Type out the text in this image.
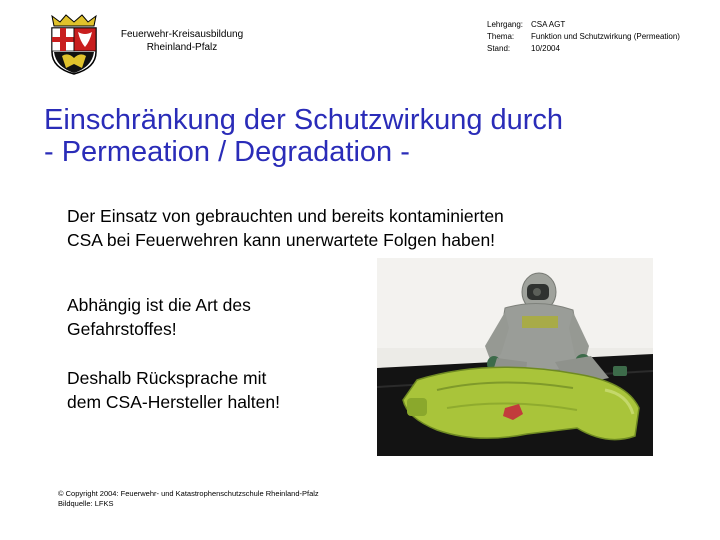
Feuerwehr-Kreisausbildung
Rheinland-Pfalz
Lehrgang: CSA AGT
Thema:	Funktion und Schutzwirkung (Permeation)
Stand:	10/2004
Einschränkung der Schutzwirkung durch
- Permeation / Degradation -

Der Einsatz von gebrauchten und bereits kontaminierten
CSA bei Feuerwehren kann unerwartete Folgen haben!

Abhängig ist die Art des
Gefahrstoffes!

Deshalb Rücksprache mit
dem CSA-Hersteller halten!

© Copyright 2004: Feuerwehr- und Katastrophenschutzschule Rheinland-Pfalz
Bildquelle: LFKS
